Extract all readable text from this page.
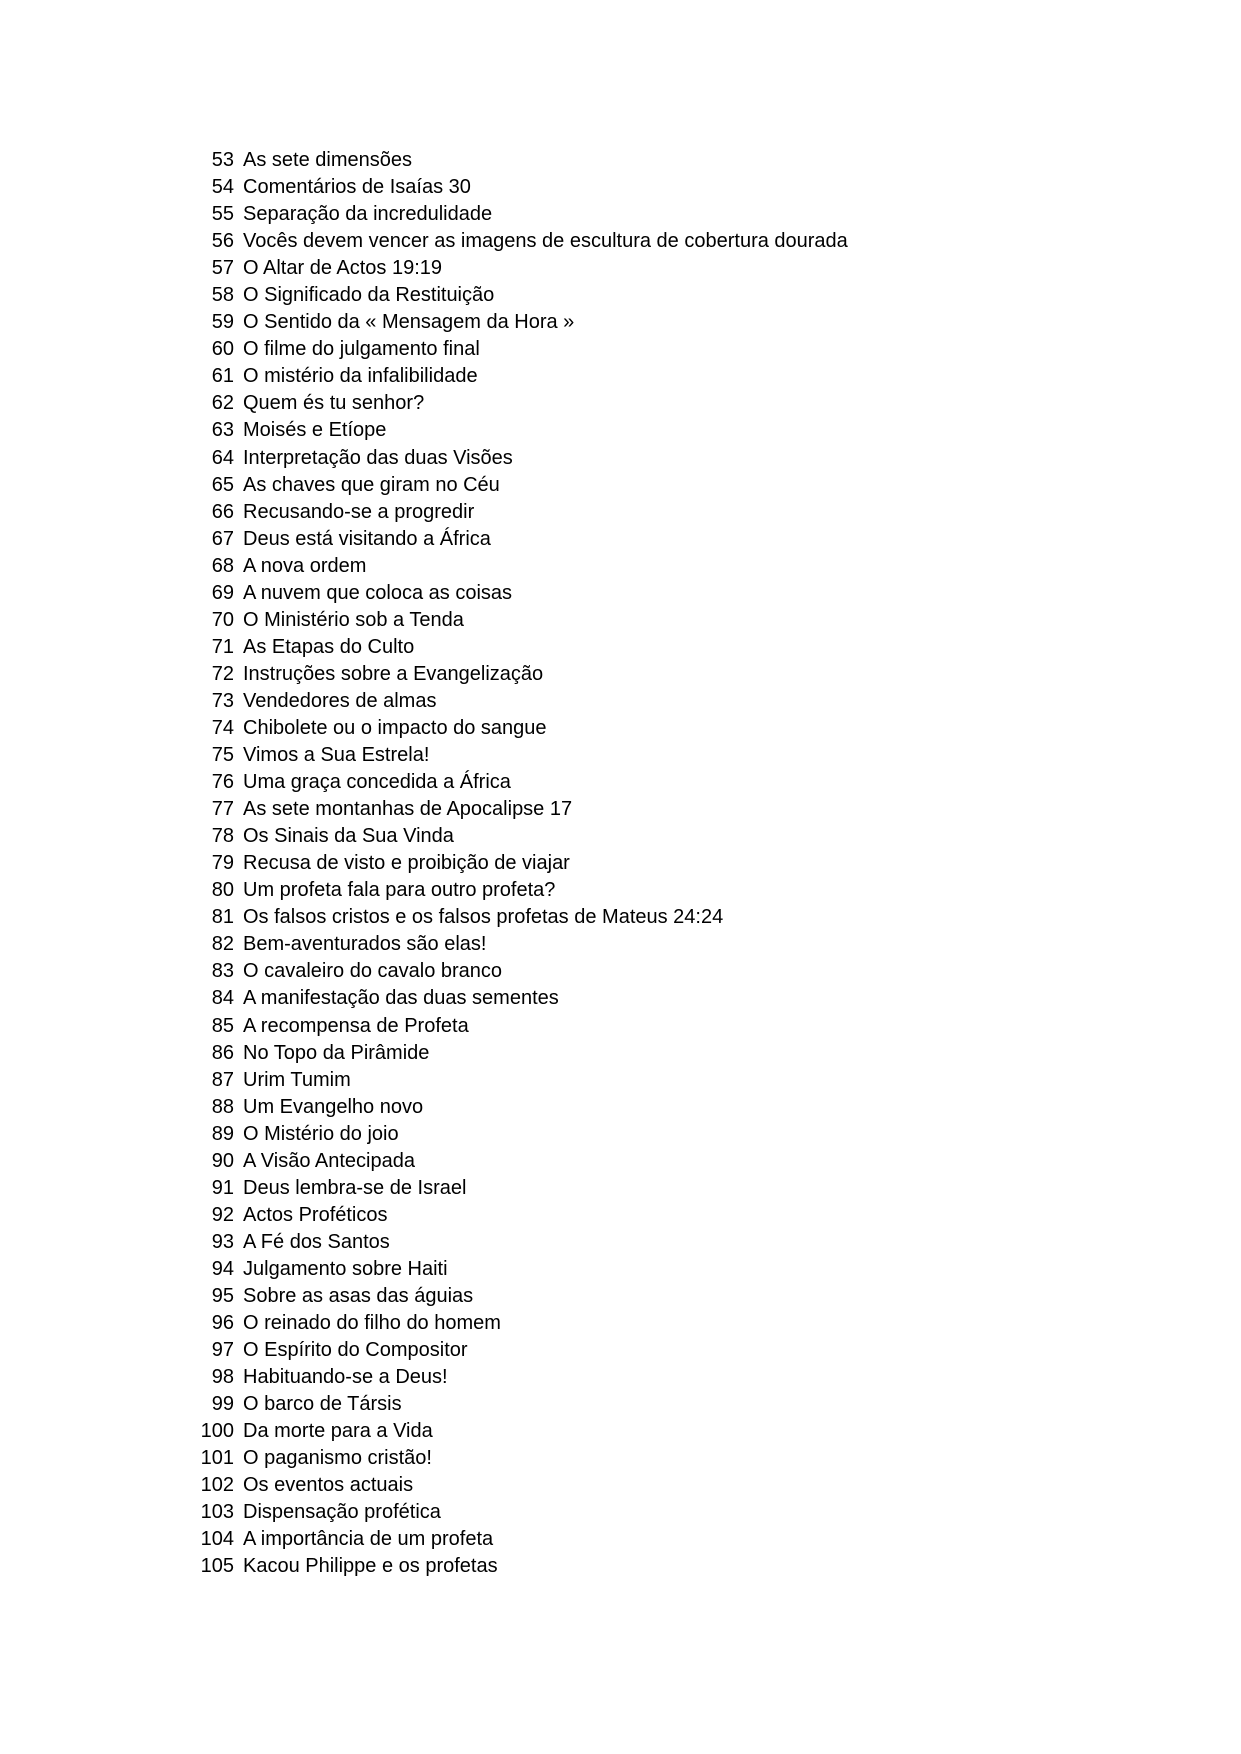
53 As sete dimensões
54 Comentários de Isaías 30
55 Separação da incredulidade
56 Vocês devem vencer as imagens de escultura de cobertura dourada
57 O Altar de Actos 19:19
58 O Significado da Restituição
59 O Sentido da « Mensagem da Hora »
60 O filme do julgamento final
61 O mistério da infalibilidade
62 Quem és tu senhor?
63 Moisés e Etíope
64 Interpretação das duas Visões
65 As chaves que giram no Céu
66 Recusando-se a progredir
67 Deus está visitando a África
68 A nova ordem
69 A nuvem que coloca as coisas
70 O Ministério sob a Tenda
71 As Etapas do Culto
72 Instruções sobre a Evangelização
73 Vendedores de almas
74 Chibolete ou o impacto do sangue
75 Vimos a Sua Estrela!
76 Uma graça concedida a África
77 As sete montanhas de Apocalipse 17
78 Os Sinais da Sua Vinda
79 Recusa de visto e proibição de viajar
80 Um profeta fala para outro profeta?
81 Os falsos cristos e os falsos profetas de Mateus 24:24
82 Bem-aventurados são elas!
83 O cavaleiro do cavalo branco
84 A manifestação das duas sementes
85 A recompensa de Profeta
86 No Topo da Pirâmide
87 Urim Tumim
88 Um Evangelho novo
89 O Mistério do joio
90 A Visão Antecipada
91 Deus lembra-se de Israel
92 Actos Proféticos
93 A Fé dos Santos
94 Julgamento sobre Haiti
95 Sobre as asas das águias
96 O reinado do filho do homem
97 O Espírito do Compositor
98 Habituando-se a Deus!
99 O barco de Társis
100 Da morte para a Vida
101 O paganismo cristão!
102 Os eventos actuais
103 Dispensação profética
104 A importância de um profeta
105 Kacou Philippe e os profetas
